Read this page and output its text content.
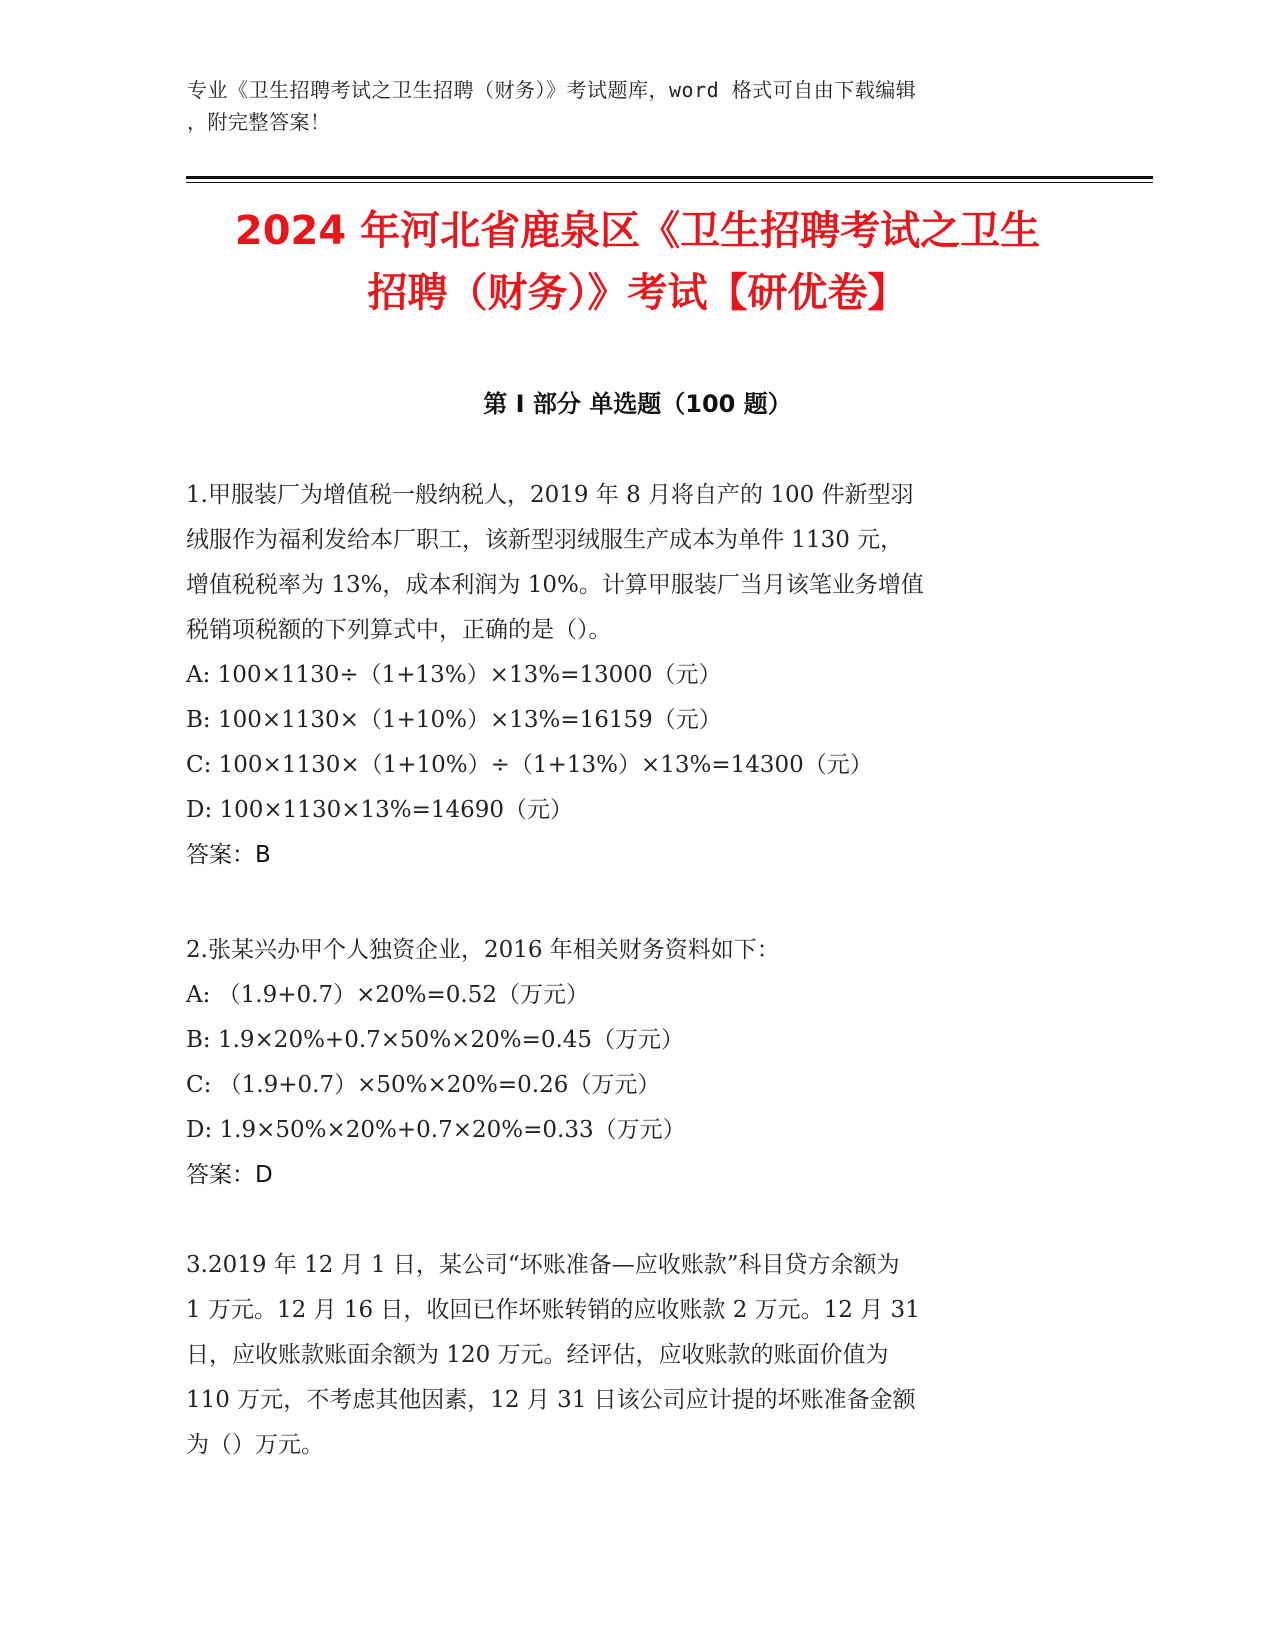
专业《卫生招聘考试之卫生招聘（财务）》考试题库，word 格式可自由下载编辑
，附完整答案！
2024 年河北省鹿泉区《卫生招聘考试之卫生
招聘（财务）》考试【研优卷】
第 I 部分 单选题（100 题）

1.甲服装厂为增值税一般纳税人，2019 年 8 月将自产的 100 件新型羽

绒服作为福利发给本厂职工，该新型羽绒服生产成本为单件 1130 元，

增值税税率为 13%，成本利润为 10%。计算甲服装厂当月该笔业务增值

税销项税额的下列算式中，正确的是（）。

A: 100×1130÷（1+13%）×13%=13000（元）

B: 100×1130×（1+10%）×13%=16159（元）

C: 100×1130×（1+10%）÷（1+13%）×13%=14300（元）

D: 100×1130×13%=14690（元）

答案：B

2.张某兴办甲个人独资企业，2016 年相关财务资料如下：

A: （1.9+0.7）×20%=0.52（万元）

B: 1.9×20%+0.7×50%×20%=0.45（万元）

C: （1.9+0.7）×50%×20%=0.26（万元）

D: 1.9×50%×20%+0.7×20%=0.33（万元）

答案：D

3.2019 年 12 月 1 日，某公司“坏账准备—应收账款”科目贷方余额为

1 万元。12 月 16 日，收回已作坏账转销的应收账款 2 万元。12 月 31

日，应收账款账面余额为 120 万元。经评估，应收账款的账面价值为

110 万元，不考虑其他因素，12 月 31 日该公司应计提的坏账准备金额

为（）万元。
